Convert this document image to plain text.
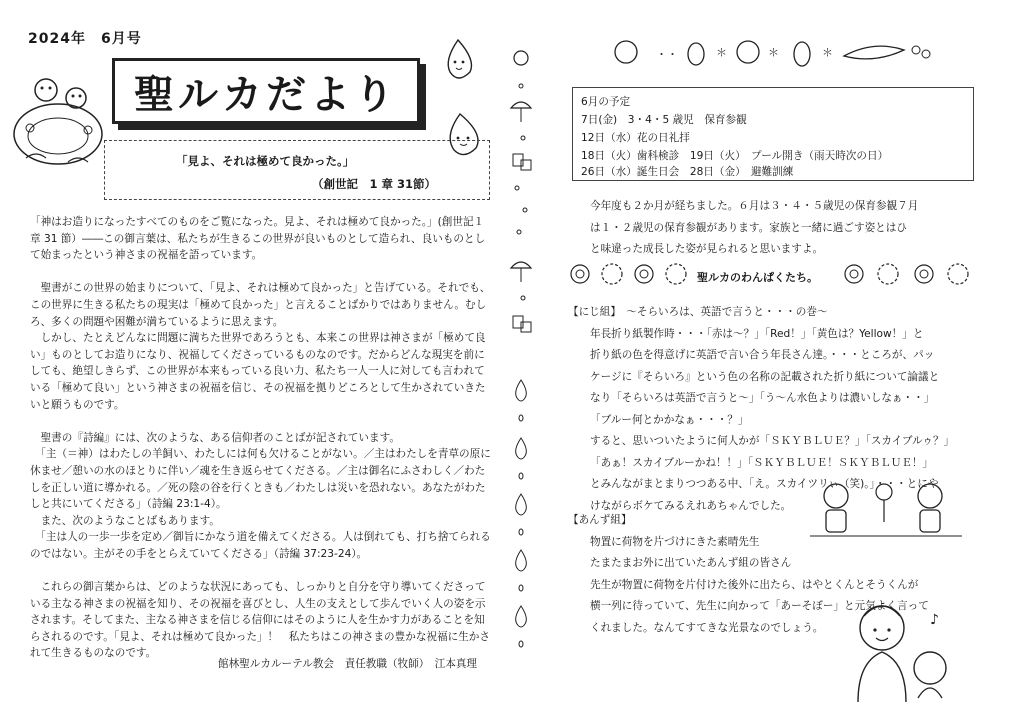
2024年　6月号
聖ルカだより
「見よ、それは極めて良かった。」
（創世記　1 章 31節）

「神はお造りになったすべてのものをご覧になった。見よ、それは極めて良かった。」(創世記１章 31 節）――この御言葉は、私たちが生きるこの世界が良いものとして造られ、良いものとして始まったという神さまの祝福を語っています。

　聖書がこの世界の始まりについて、「見よ、それは極めて良かった」と告げている。それでも、この世界に生きる私たちの現実は「極めて良かった」と言えることばかりではありません。むしろ、多くの問題や困難が満ちているように思えます。

　しかし、たとえどんなに問題に満ちた世界であろうとも、本来この世界は神さまが「極めて良い」ものとしてお造りになり、祝福してくださっているものなのです。だからどんな現実を前にしても、絶望しきらず、この世界が本来もっている良い力、私たち一人一人に対しても言われている「極めて良い」という神さまの祝福を信じ、その祝福を拠りどころとして生かされていきたいと願うものです。

　聖書の『詩編』には、次のような、ある信仰者のことばが記されています。

　「主（＝神）はわたしの羊飼い、わたしには何も欠けることがない。／主はわたしを青草の原に休ませ／憩いの水のほとりに伴い／魂を生き返らせてくださる。／主は御名にふさわしく／わたしを正しい道に導かれる。／死の陰の谷を行くときも／わたしは災いを恐れない。あなたがわたしと共にいてくださる」（詩編 23:1-4）。

　また、次のようなことばもあります。

　「主は人の一歩一歩を定め／御旨にかなう道を備えてくださる。人は倒れても、打ち捨てられるのではない。主がその手をとらえていてくださる」（詩編 37:23-24）。

　これらの御言葉からは、どのような状況にあっても、しっかりと自分を守り導いてくださっている主なる神さまの祝福を知り、その祝福を喜びとし、人生の支えとして歩んでいく人の姿を示されます。そしてまた、主なる神さまを信じる信仰にはそのように人を生かす力があることを知らされるのです。「見よ、それは極めて良かった」！　私たちはこの神さまの豊かな祝福に生かされて生きるものなのです。

館林聖ルカルーテル教会　責任教職（牧師）　江本真理
・・	＊	＊	＊
6月の予定
7日(金)　3・4・5 歳児　保育参観
12日（水）花の日礼拝
18日（火）歯科検診　19日（火）　プール開き（雨天時次の日）
26日（水）誕生日会　28日（金）　避難訓練
今年度も２か月が経ちました。６月は３・４・５歳児の保育参観７月
は１・２歳児の保育参観があります。家族と一緒に過ごす姿とはひ
と味違った成長した姿が見られると思いますよ。
聖ルカのわんぱくたち。
【にじ組】　～そらいろは、英語で言うと・・・の巻～
年長折り紙製作時・・・「赤は～？」「Red！」「黄色は？Yellow！」と
折り紙の色を得意げに英語で言い合う年長さん達。・・・ところが、パッ
ケージに『そらいろ』という色の名称の記載された折り紙について論議と
なり「そらいろは英語で言うと～」「う～ん水色よりは濃いしなぁ・・」
「ブルー何とかかなぁ・・・？」
すると、思いついたように何人かが「ＳＫＹＢＬＵＥ？」「スカイブルゥ？」
「あぁ！スカイブルーかね！！」「ＳＫＹＢＬＵＥ！ＳＫＹＢＬＵＥ！」
とみんながまとまりつつある中、「え。スカイツリぃ（笑)。」・・・とにや
けながらボケてみるえれあちゃんでした。
【あんず組】
物置に荷物を片づけにきた素晴先生
たまたまお外に出ていたあんず組の皆さん
先生が物置に荷物を片付けた後外に出たら、はやとくんとそうくんが
横一列に待っていて、先生に向かって「あーそぼー」と元気よく言って
くれました。なんてすてきな光景なのでしょう。	♪
